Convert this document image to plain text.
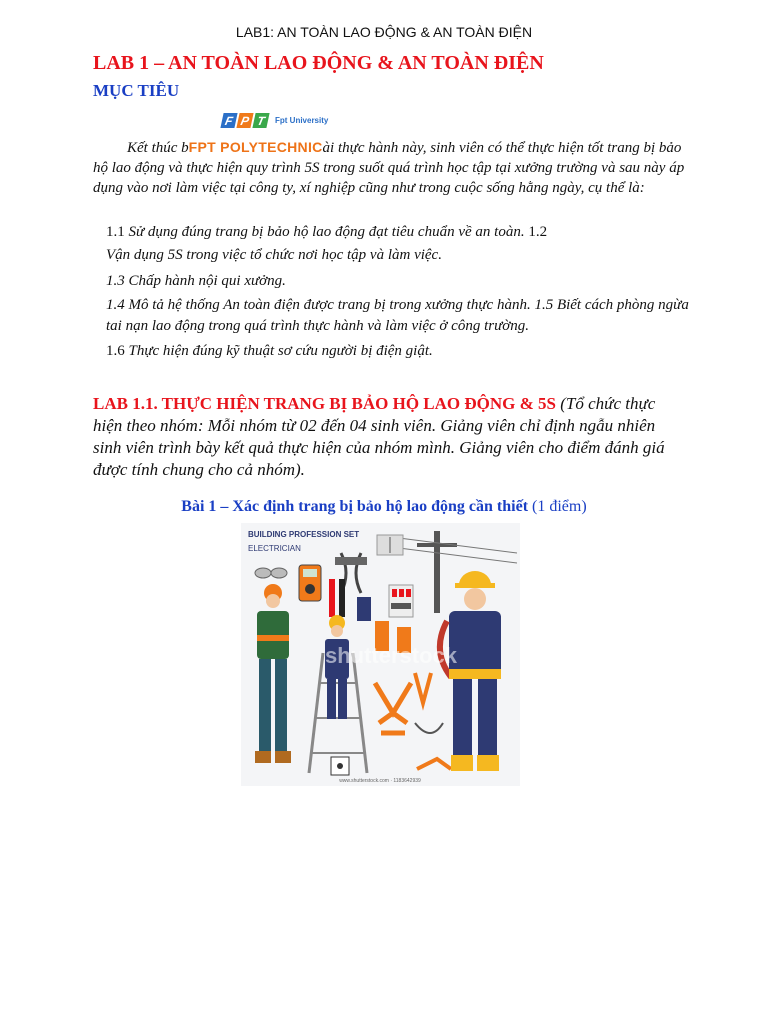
LAB1: AN TOÀN LAO ĐỘNG & AN TOÀN ĐIỆN
LAB 1 – AN TOÀN LAO ĐỘNG & AN TOÀN ĐIỆN
MỤC TIÊU
F P T	Fpt University
Kết thúc bFPT POLYTECHNICài thực hành này, sinh viên có thể thực hiện tốt trang bị bảo hộ lao động và thực hiện quy trình 5S trong suốt quá trình học tập tại xưởng trường và sau này áp dụng vào nơi làm việc tại công ty, xí nghiệp cũng như trong cuộc sống hằng ngày, cụ thể là:
1.1 Sử dụng đúng trang bị bảo hộ lao động đạt tiêu chuẩn về an toàn. 1.2
Vận dụng 5S trong việc tổ chức nơi học tập và làm việc.
1.3 Chấp hành nội qui xưởng.
1.4 Mô tả hệ thống An toàn điện được trang bị trong xưởng thực hành. 1.5 Biết cách phòng ngừa tai nạn lao động trong quá trình thực hành và làm việc ở công trường.
1.6 Thực hiện đúng kỹ thuật sơ cứu người bị điện giật.
LAB 1.1. THỰC HIỆN TRANG BỊ BẢO HỘ LAO ĐỘNG & 5S (Tổ chức thực hiện theo nhóm: Mỗi nhóm từ 02 đến 04 sinh viên. Giảng viên chỉ định ngẫu nhiên sinh viên trình bày kết quả thực hiện của nhóm mình. Giảng viên cho điểm đánh giá được tính chung cho cả nhóm).
Bài 1 – Xác định trang bị bảo hộ lao động cần thiết (1 điểm)
BUILDING PROFESSION SET
ELECTRICIAN
shutterstock
www.shutterstock.com · 1183642939
